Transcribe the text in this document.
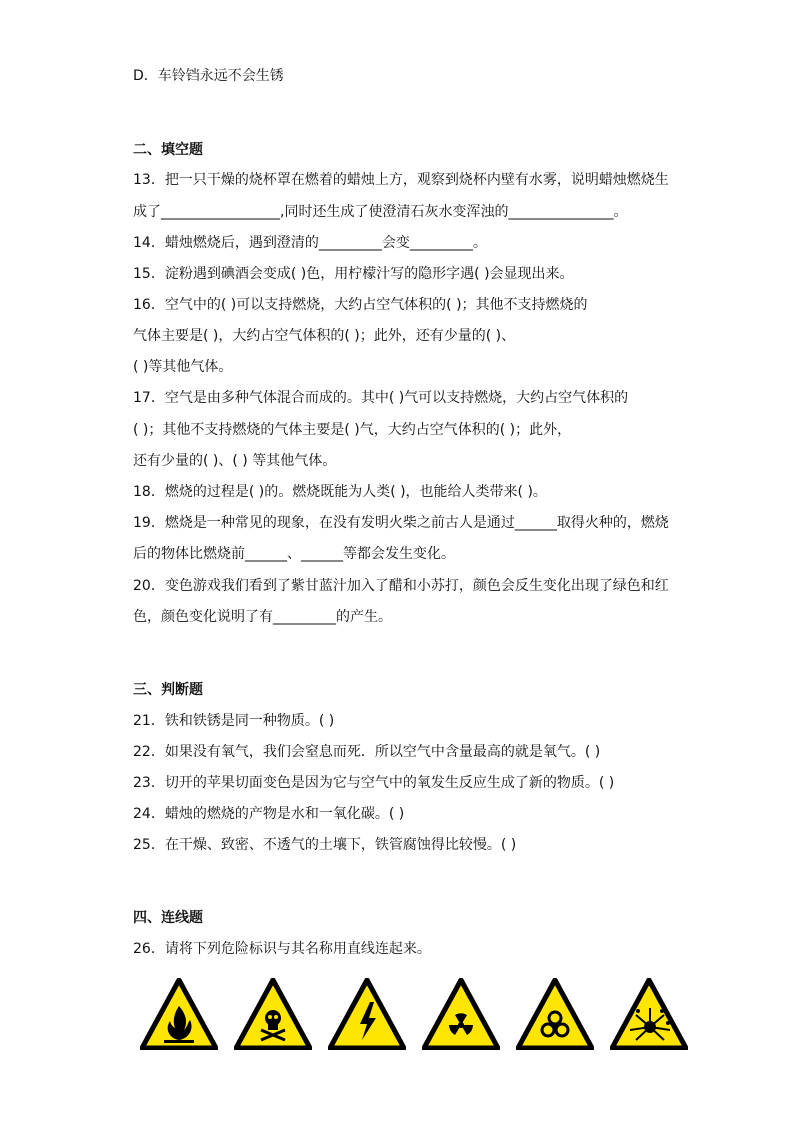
D．车铃铛永远不会生锈
二、填空题
13．把一只干燥的烧杯罩在燃着的蜡烛上方，观察到烧杯内壁有水雾，说明蜡烛燃烧生
成了_________________,同时还生成了使澄清石灰水变浑浊的_______________。
14．蜡烛燃烧后，遇到澄清的_________会变_________。
15．淀粉遇到碘酒会变成( )色，用柠檬汁写的隐形字遇( )会显现出来。
16．空气中的( )可以支持燃烧，大约占空气体积的( )；其他不支持燃烧的
气体主要是( )，大约占空气体积的( )；此外，还有少量的( )、
( )等其他气体。
17．空气是由多种气体混合而成的。其中( )气可以支持燃烧，大约占空气体积的
( )；其他不支持燃烧的气体主要是( )气，大约占空气体积的( )；此外，
还有少量的( )、( ) 等其他气体。
18．燃烧的过程是( )的。燃烧既能为人类( )，也能给人类带来( )。
19．燃烧是一种常见的现象，在没有发明火柴之前古人是通过______取得火种的，燃烧
后的物体比燃烧前______、______等都会发生变化。
20．变色游戏我们看到了紫甘蓝汁加入了醋和小苏打，颜色会反生变化出现了绿色和红
色，颜色变化说明了有_________的产生。
三、判断题
21．铁和铁锈是同一种物质。( )
22．如果没有氧气，我们会窒息而死．所以空气中含量最高的就是氧气。( )
23．切开的苹果切面变色是因为它与空气中的氧发生反应生成了新的物质。( )
24．蜡烛的燃烧的产物是水和一氧化碳。( )
25．在干燥、致密、不透气的土壤下，铁管腐蚀得比较慢。( )
四、连线题
26．请将下列危险标识与其名称用直线连起来。
